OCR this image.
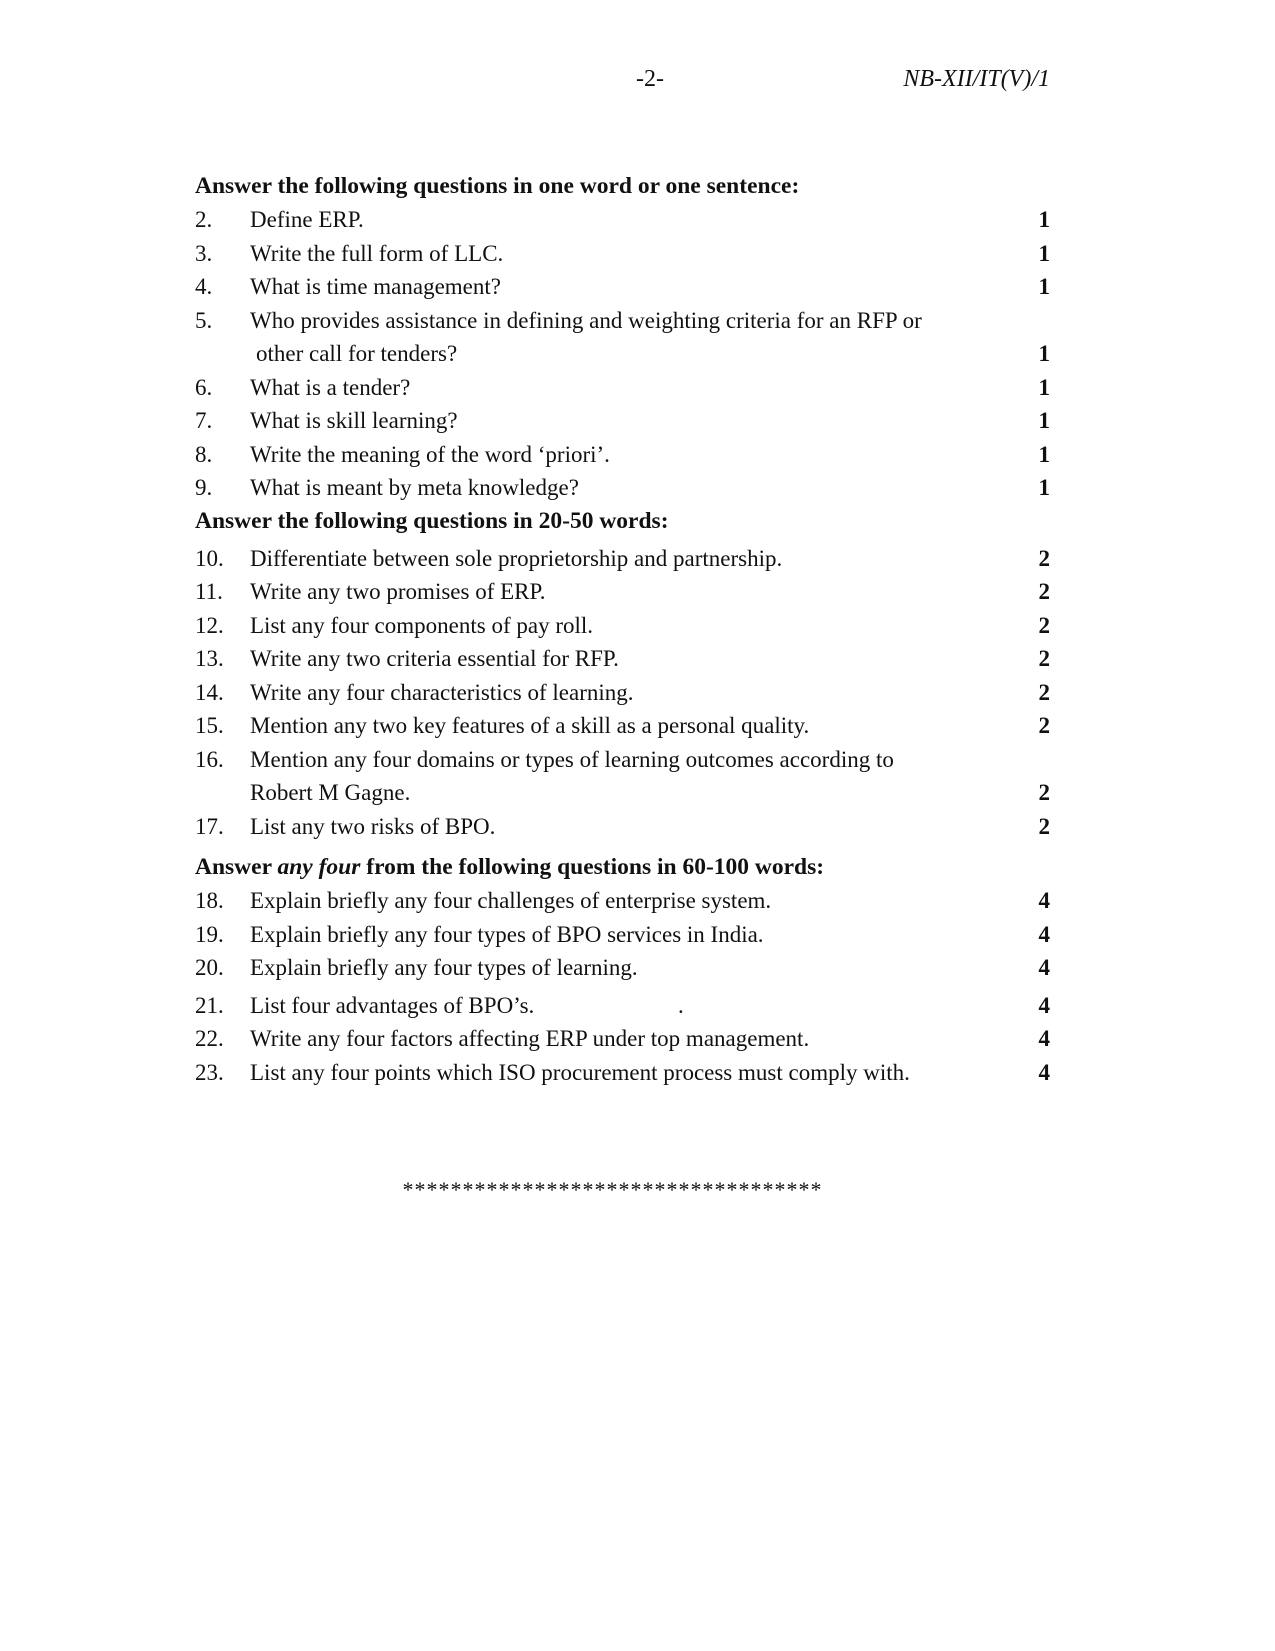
-2-	NB-XII/IT(V)/1
Answer the following questions in one word or one sentence:
2.	Define ERP.	1
3.	Write the full form of LLC.	1
4.	What is time management?	1
5.	Who provides assistance in defining and weighting criteria for an RFP or
other call for tenders?	1
6.	What is a tender?	1
7.	What is skill learning?	1
8.	Write the meaning of the word ‘priori’.	1
9.	What is meant by meta knowledge?	1
Answer the following questions in 20-50 words:
10.	Differentiate between sole proprietorship and partnership.	2
11.	Write any two promises of ERP.	2
12.	List any four components of pay roll.	2
13.	Write any two criteria essential for RFP.	2
14.	Write any four characteristics of learning.	2
15.	Mention any two key features of a skill as a personal quality.	2
16.	Mention any four domains or types of learning outcomes according to
Robert M Gagne.	2
17.	List any two risks of BPO.	2
Answer any four from the following questions in 60-100 words:
18.	Explain briefly any four challenges of enterprise system.	4
19.	Explain briefly any four types of BPO services in India.	4
20.	Explain briefly any four types of learning.	4
21.	List four advantages of BPO’s.                         .	4
22.	Write any four factors affecting ERP under top management.	4
23.	List any four points which ISO procurement process must comply with.	4
***********************************
